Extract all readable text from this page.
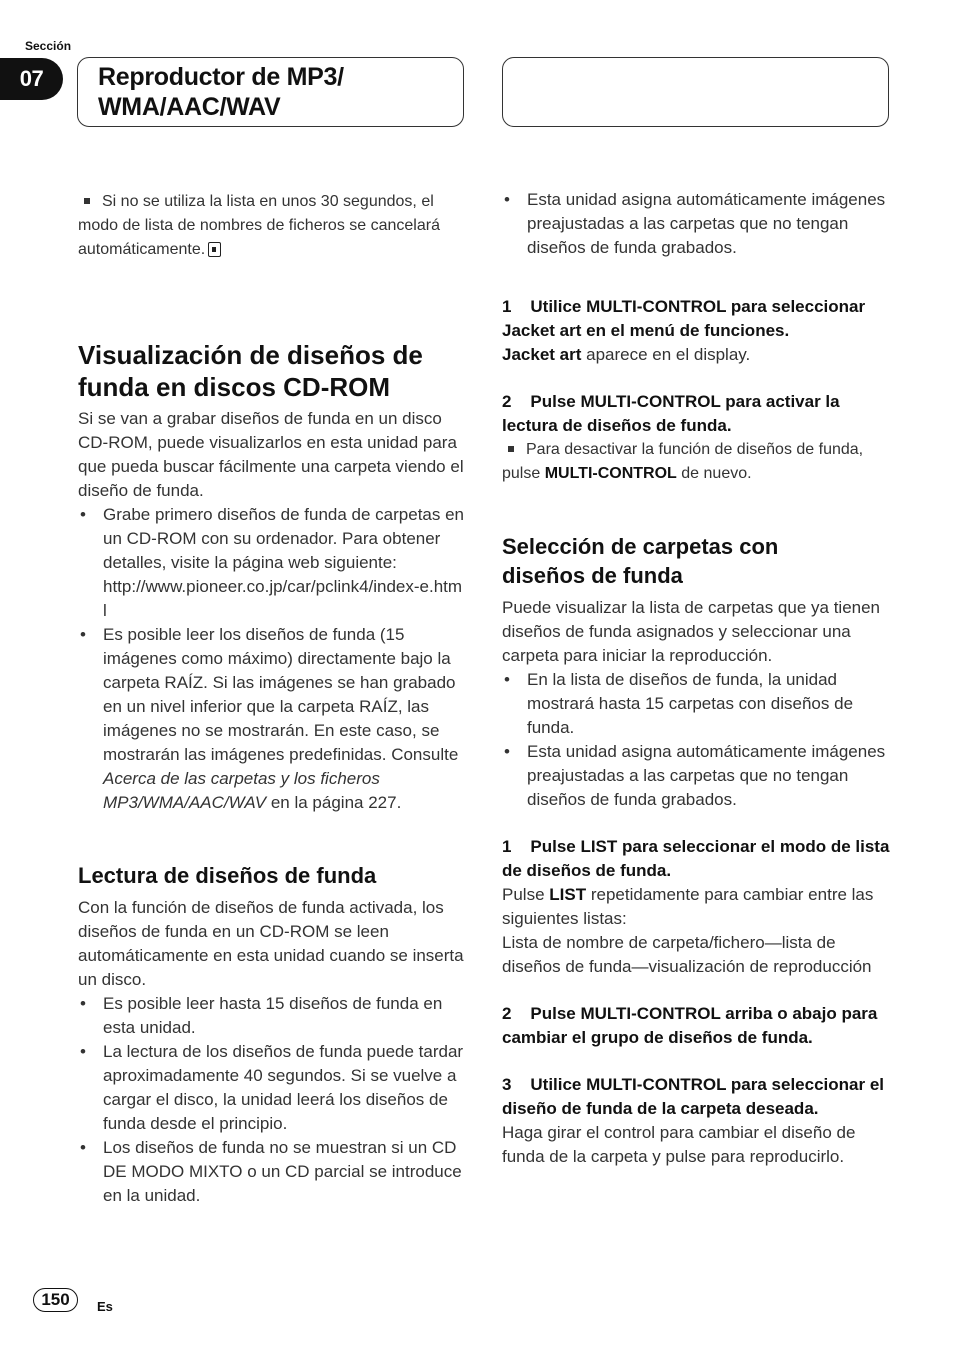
Sección
07	Reproductor de MP3/
WMA/AAC/WAV

Si no se utiliza la lista en unos 30 segundos, el modo de lista de nombres de ficheros se cancelará automáticamente.

Visualización de diseños de
funda en discos CD-ROM

Si se van a grabar diseños de funda en un disco CD-ROM, puede visualizarlos en esta unidad para que pueda buscar fácilmente una carpeta viendo el diseño de funda.

• Grabe primero diseños de funda de carpetas en un CD-ROM con su ordenador. Para obtener detalles, visite la página web siguiente:
http://www.pioneer.co.jp/car/pclink4/index-e.html
• Es posible leer los diseños de funda (15 imágenes como máximo) directamente bajo la carpeta RAÍZ. Si las imágenes se han grabado en un nivel inferior que la carpeta RAÍZ, las imágenes no se mostrarán. En este caso, se mostrarán las imágenes predefinidas. Consulte Acerca de las carpetas y los ficheros MP3/WMA/AAC/WAV en la página 227.
Lectura de diseños de funda

Con la función de diseños de funda activada, los diseños de funda en un CD-ROM se leen automáticamente en esta unidad cuando se inserta un disco.

• Es posible leer hasta 15 diseños de funda en esta unidad.
• La lectura de los diseños de funda puede tardar aproximadamente 40 segundos. Si se vuelve a cargar el disco, la unidad leerá los diseños de funda desde el principio.
• Los diseños de funda no se muestran si un CD DE MODO MIXTO o un CD parcial se introduce en la unidad.
• Esta unidad asigna automáticamente imágenes preajustadas a las carpetas que no tengan diseños de funda grabados.

1 Utilice MULTI-CONTROL para seleccionar Jacket art en el menú de funciones.

Jacket art aparece en el display.

2 Pulse MULTI-CONTROL para activar la lectura de diseños de funda.

Para desactivar la función de diseños de funda, pulse MULTI-CONTROL de nuevo.

Selección de carpetas con
diseños de funda

Puede visualizar la lista de carpetas que ya tienen diseños de funda asignados y seleccionar una carpeta para iniciar la reproducción.

• En la lista de diseños de funda, la unidad mostrará hasta 15 carpetas con diseños de funda.
• Esta unidad asigna automáticamente imágenes preajustadas a las carpetas que no tengan diseños de funda grabados.

1 Pulse LIST para seleccionar el modo de lista de diseños de funda.

Pulse LIST repetidamente para cambiar entre las siguientes listas:

Lista de nombre de carpeta/fichero—lista de diseños de funda—visualización de reproducción

2 Pulse MULTI-CONTROL arriba o abajo para cambiar el grupo de diseños de funda.

3 Utilice MULTI-CONTROL para seleccionar el diseño de funda de la carpeta deseada.

Haga girar el control para cambiar el diseño de funda de la carpeta y pulse para reproducirlo.

150	Es
